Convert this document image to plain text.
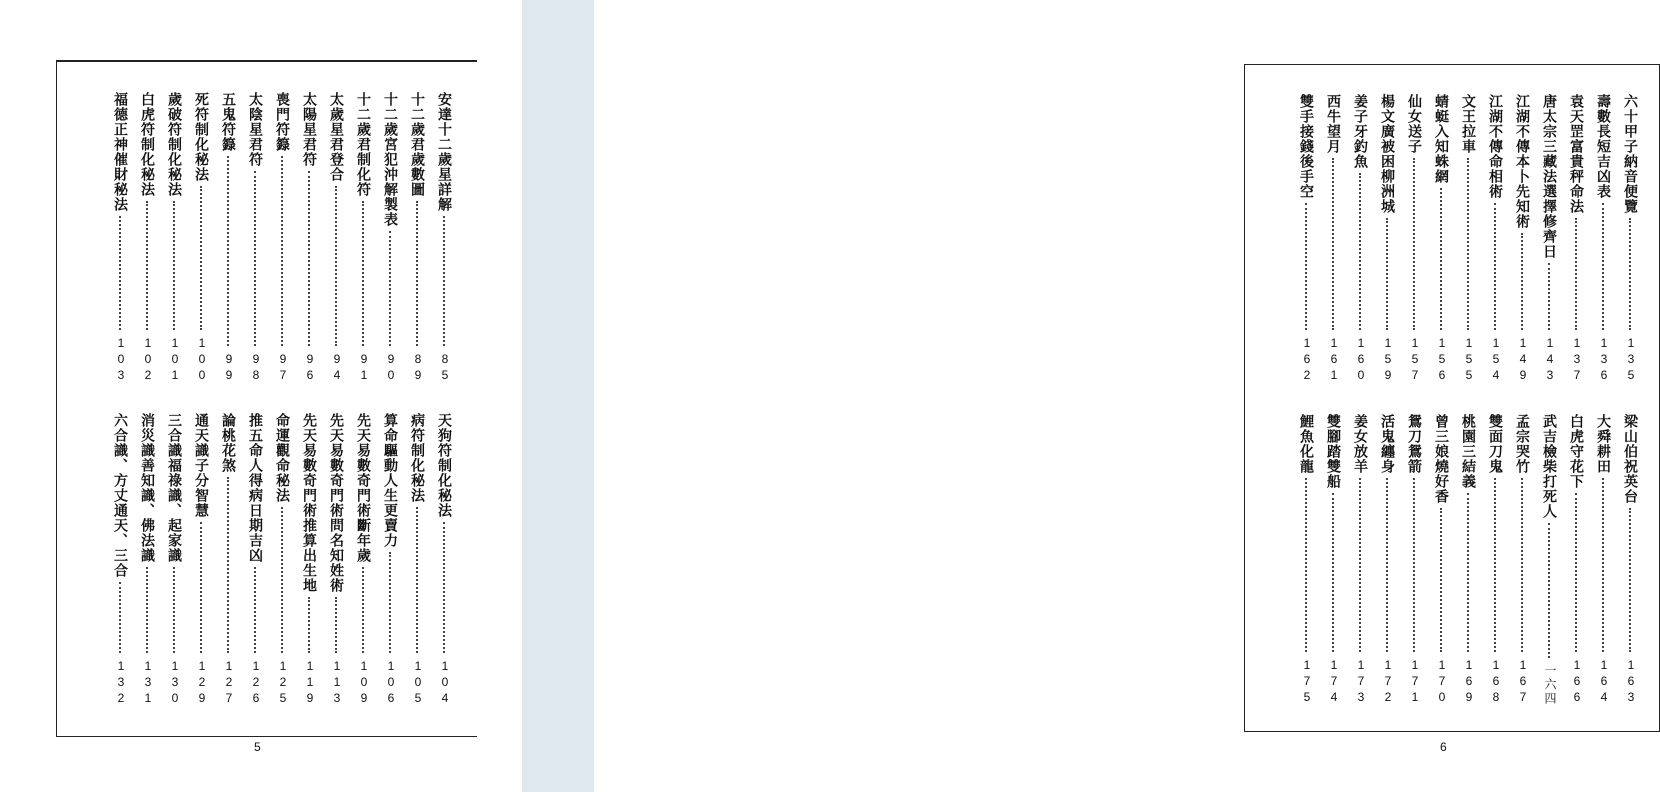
安達十二歲星詳解
85
十二歲君歲數圖
89
十二歲宮犯沖解製表
90
十二歲君制化符
91
太歲星君登合
94
太陽星君符
96
喪門符籙
97
太陰星君符
98
五鬼符籙
99
死符制化秘法
100
歲破符制化秘法
101
白虎符制化秘法
102
福德正神催財秘法
103
天狗符制化秘法
104
病符制化秘法
105
算命驅動人生更賣力
106
先天易數奇門術斷年歲
109
先天易數奇門術問名知姓術
113
先天易數奇門術推算出生地
119
命運觀命秘法
125
推五命人得病日期吉凶
126
論桃花煞
127
通天識子分智慧
129
三合識福祿識、起家識
130
消災識善知識、佛法識
131
六合識、方丈通天、三合
132
5
六十甲子納音便覽
135
壽數長短吉凶表
136
袁天罡富貴秤命法
137
唐太宗三藏法選擇修齊日
143
江湖不傳本卜先知術
149
江湖不傳命相術
154
文王拉車
155
蜻蜓入知蛛網
156
仙女送子
157
楊文廣被困柳洲城
159
姜子牙釣魚
160
西牛望月
161
雙手接錢後手空
162
梁山伯祝英台
163
大舜耕田
164
白虎守花下
166
武吉檢柴打死人
一六四
孟宗哭竹
167
雙面刀鬼
168
桃園三結義
169
曾三娘燒好香
170
鴛刀鴛箭
171
活鬼纏身
172
姜女放羊
173
雙腳踏雙船
174
鯉魚化龍
175
6
